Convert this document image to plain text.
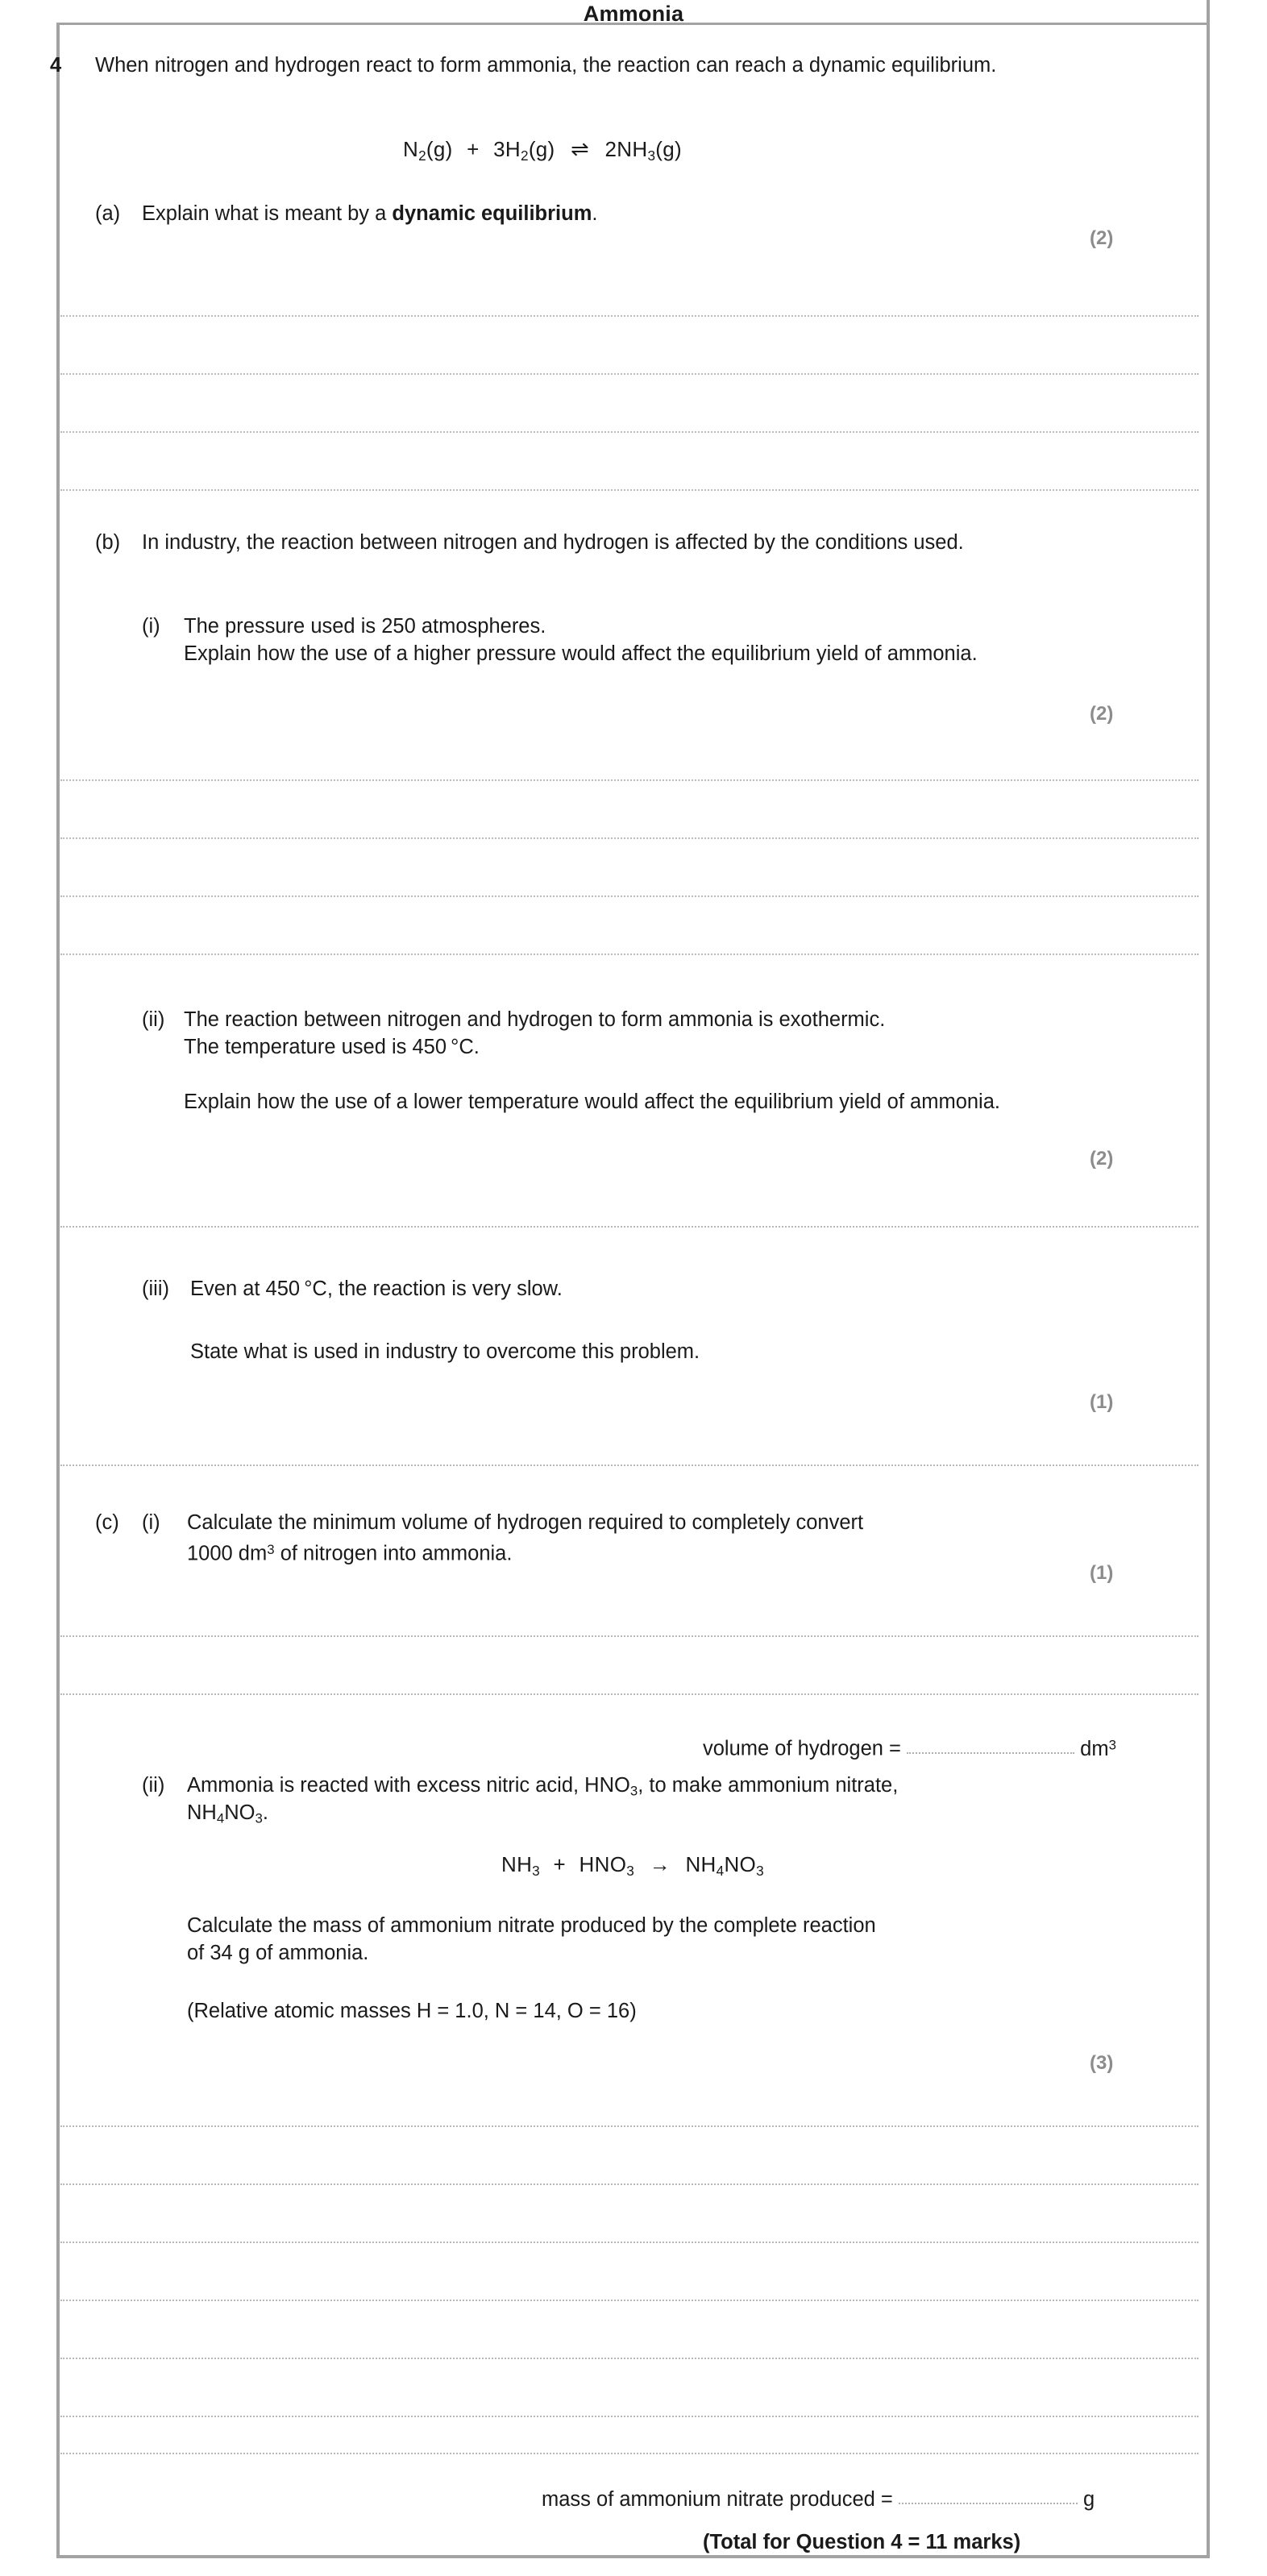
Ammonia
4 When nitrogen and hydrogen react to form ammonia, the reaction can reach a dynamic equilibrium.
$N_2(g) + 3H_2(g)$ ⇌ $2NH_3(g)$
(a) Explain what is meant by a dynamic equilibrium.
(2)
(b) In industry, the reaction between nitrogen and hydrogen is affected by the conditions used.
(i) The pressure used is 250 atmospheres.
Explain how the use of a higher pressure would affect the equilibrium yield of ammonia.
(2)
(ii) The reaction between nitrogen and hydrogen to form ammonia is exothermic.
The temperature used is 450 °C.
Explain how the use of a lower temperature would affect the equilibrium yield of ammonia.
(2)
(iii) Even at 450 °C, the reaction is very slow.
State what is used in industry to overcome this problem.
(1)
(c) (i) Calculate the minimum volume of hydrogen required to completely convert
1000 $dm^3$ of nitrogen into ammonia.
(1)
volume of hydrogen =	$dm^3$
(ii) Ammonia is reacted with excess nitric acid, $HNO_3$, to make ammonium nitrate,
$NH_4NO_3$.
$NH_3 + HNO_3 \to NH_4NO_3$
Calculate the mass of ammonium nitrate produced by the complete reaction
of 34 g of ammonia.
(Relative atomic masses H = 1.0, N = 14, O = 16)
(3)
mass of ammonium nitrate produced =	g
(Total for Question 4 = 11 marks)
